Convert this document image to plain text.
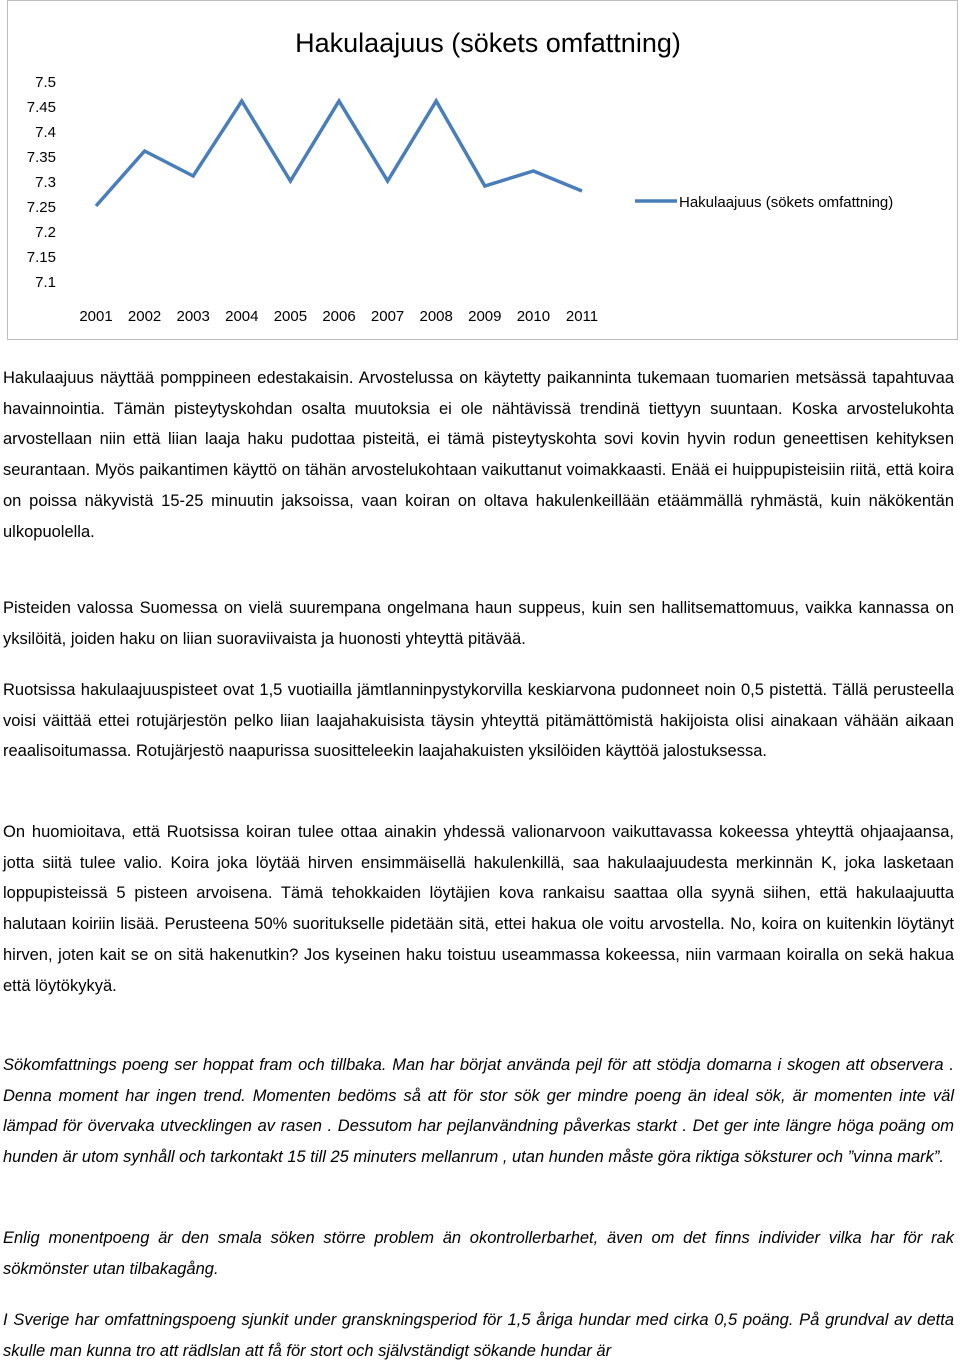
Hakulaajuus (sökets omfattning)
7.5
7.45
7.4
7.35
7.3
7.25
7.2
7.15
7.1
2001 2002 2003 2004 2005 2006 2007 2008 2009 2010 2011
Hakulaajuus (sökets omfattning)
Hakulaajuus näyttää pomppineen edestakaisin. Arvostelussa on käytetty paikanninta tukemaan tuomarien metsässä tapahtuvaa havainnointia. Tämän pisteytyskohdan osalta muutoksia ei ole nähtävissä trendinä tiettyyn suuntaan. Koska arvostelukohta arvostellaan niin että liian laaja haku pudottaa pisteitä, ei tämä pisteytyskohta sovi kovin hyvin rodun geneettisen kehityksen seurantaan. Myös paikantimen käyttö on tähän arvostelukohtaan vaikuttanut voimakkaasti. Enää ei huippupisteisiin riitä, että koira on poissa näkyvistä 15-25 minuutin jaksoissa, vaan koiran on oltava hakulenkeillään etäämmällä ryhmästä, kuin näkökentän ulkopuolella.
Pisteiden valossa Suomessa on vielä suurempana ongelmana haun suppeus, kuin sen hallitsemattomuus, vaikka kannassa on yksilöitä, joiden haku on liian suoraviivaista ja huonosti yhteyttä pitävää.
Ruotsissa hakulaajuuspisteet ovat 1,5 vuotiailla jämtlanninpystykorvilla keskiarvona pudonneet noin 0,5 pistettä. Tällä perusteella voisi väittää ettei rotujärjestön pelko liian laajahakuisista täysin yhteyttä pitämättömistä hakijoista olisi ainakaan vähään aikaan reaalisoitumassa. Rotujärjestö naapurissa suositteleekin laajahakuisten yksilöiden käyttöä jalostuksessa.
On huomioitava, että Ruotsissa koiran tulee ottaa ainakin yhdessä valionarvoon vaikuttavassa kokeessa yhteyttä ohjaajaansa, jotta siitä tulee valio. Koira joka löytää hirven ensimmäisellä hakulenkillä, saa hakulaajuudesta merkinnän K, joka lasketaan loppupisteissä 5 pisteen arvoisena. Tämä tehokkaiden löytäjien kova rankaisu saattaa olla syynä siihen, että hakulaajuutta halutaan koiriin lisää. Perusteena 50% suoritukselle pidetään sitä, ettei hakua ole voitu arvostella. No, koira on kuitenkin löytänyt hirven, joten kait se on sitä hakenutkin? Jos kyseinen haku toistuu useammassa kokeessa, niin varmaan koiralla on sekä hakua että löytökykyä.
Sökomfattnings poeng ser hoppat fram och tillbaka. Man har börjat använda pejl för att stödja domarna i skogen att observera . Denna moment har ingen trend. Momenten bedöms så att för stor sök ger mindre poeng än ideal sök, är momenten inte väl lämpad för övervaka utvecklingen av rasen . Dessutom har pejlanvändning påverkas starkt . Det ger inte längre höga poäng om hunden är utom synhåll och tarkontakt 15 till 25 minuters mellanrum , utan hunden måste göra riktiga söksturer och ”vinna mark”.
Enlig monentpoeng är den smala söken större problem än okontrollerbarhet, även om det finns individer vilka har för rak sökmönster utan tilbakagång.
I Sverige har omfattningspoeng sjunkit under granskningsperiod för 1,5 åriga hundar med cirka 0,5 poäng. På grundval av detta skulle man kunna tro att rädlslan att få för stort och självständigt sökande hundar är
